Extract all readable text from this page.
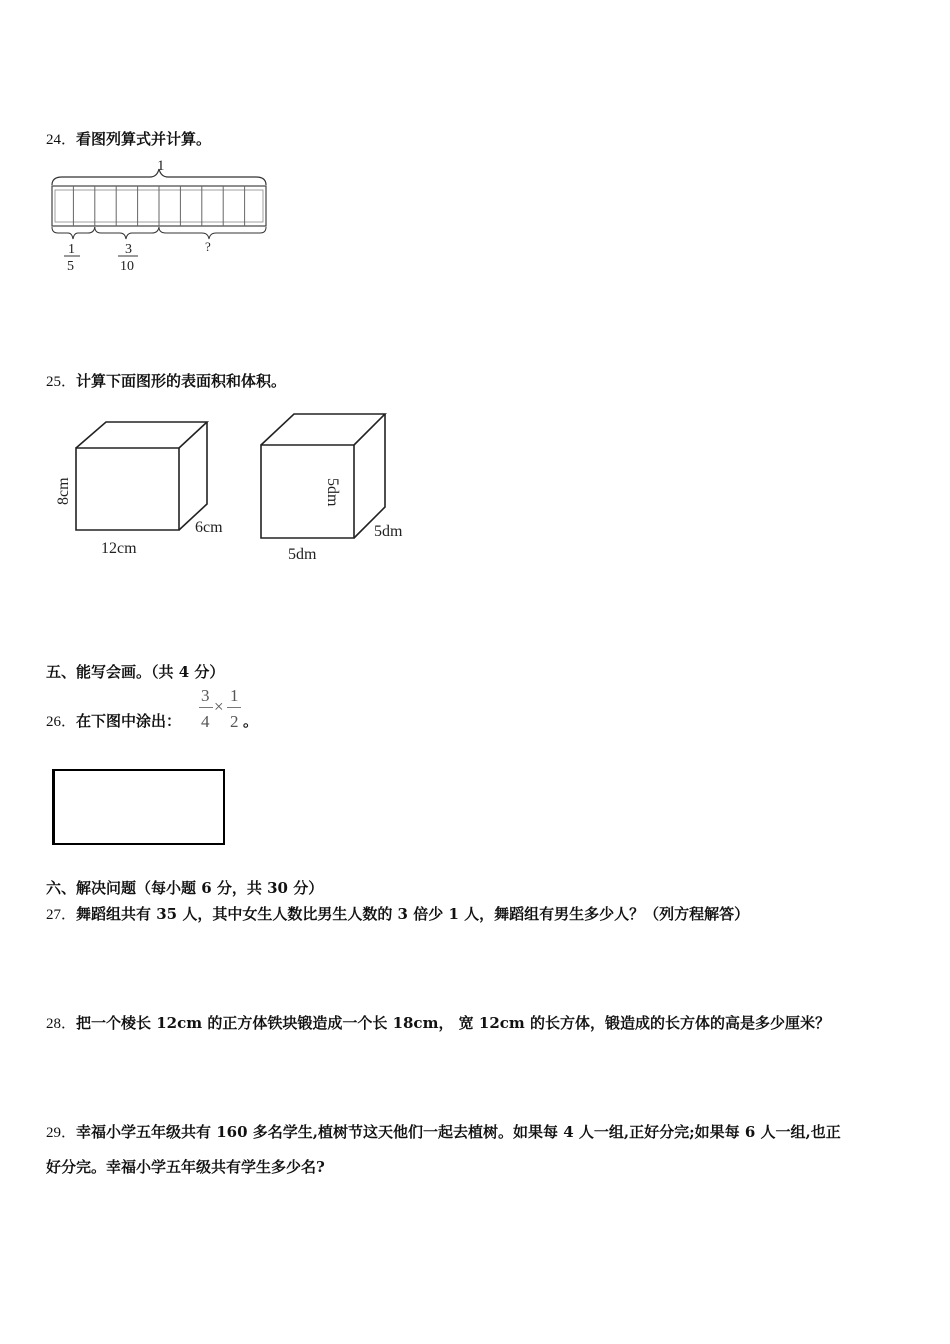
24．看图列算式并计算。
1
1
5
3
10
?
25．计算下面图形的表面积和体积。
8cm
12cm
6cm
5dm
5dm
5dm
五、能写会画。（共 4 分）
26．在下图中涂出：
3
4
×
1
2 。
六、解决问题（每小题 6 分，共 30 分）
27．舞蹈组共有 35 人，其中女生人数比男生人数的 3 倍少 1 人，舞蹈组有男生多少人？（列方程解答）
28．把一个棱长 12cm 的正方体铁块锻造成一个长 18cm， 宽 12cm 的长方体，锻造成的长方体的高是多少厘米？
29．幸福小学五年级共有 160 多名学生,植树节这天他们一起去植树。如果每 4 人一组,正好分完;如果每 6 人一组,也正
好分完。幸福小学五年级共有学生多少名?
